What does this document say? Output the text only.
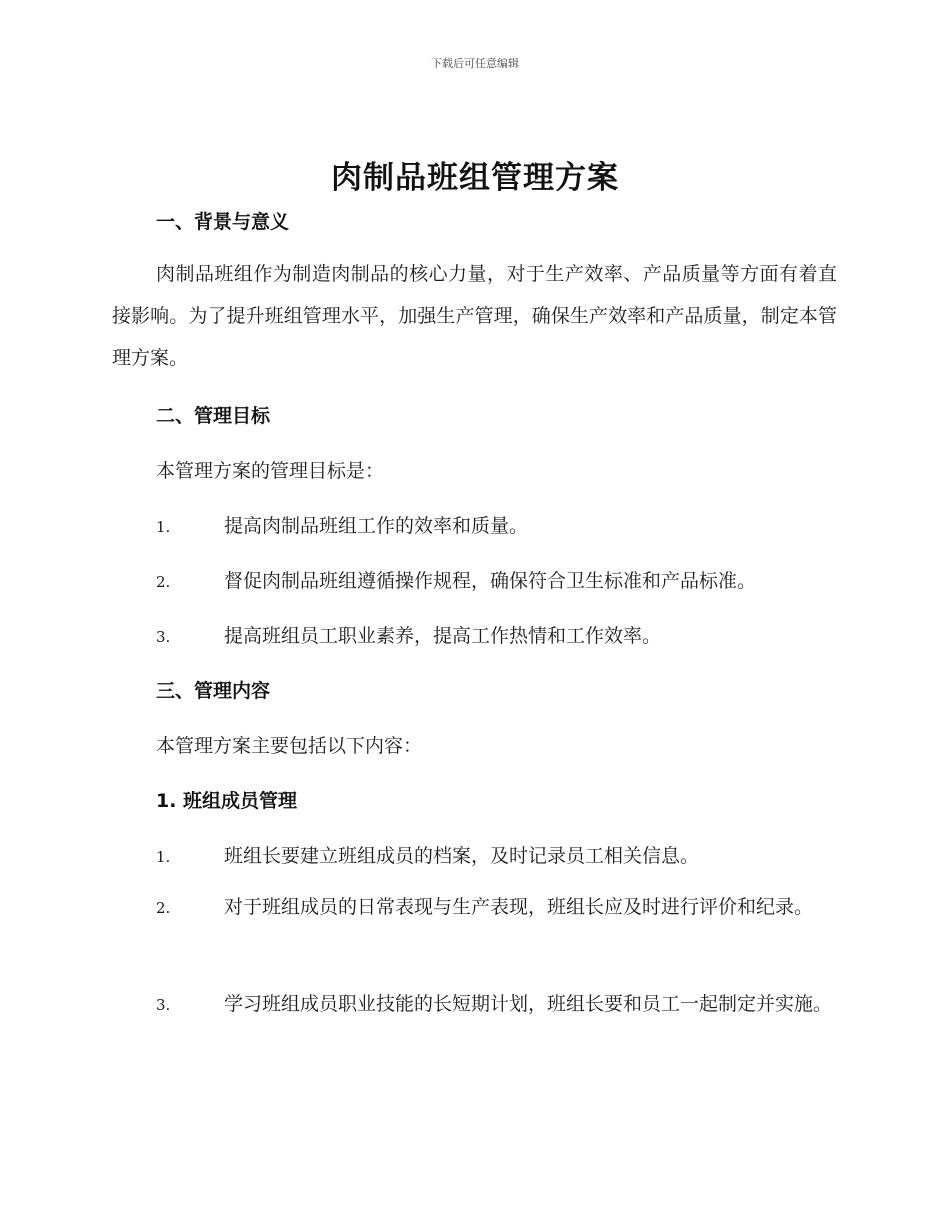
下载后可任意编辑
肉制品班组管理方案
一、背景与意义
肉制品班组作为制造肉制品的核心力量，对于生产效率、产品质量等方面有着直接影响。为了提升班组管理水平，加强生产管理，确保生产效率和产品质量，制定本管理方案。
二、管理目标
本管理方案的管理目标是：
1.	提高肉制品班组工作的效率和质量。
2.	督促肉制品班组遵循操作规程，确保符合卫生标准和产品标准。
3.	提高班组员工职业素养，提高工作热情和工作效率。
三、管理内容
本管理方案主要包括以下内容：
1. 班组成员管理
1.	班组长要建立班组成员的档案，及时记录员工相关信息。
2.	对于班组成员的日常表现与生产表现，班组长应及时进行评价和纪录。
3.	学习班组成员职业技能的长短期计划，班组长要和员工一起制定并实施。
